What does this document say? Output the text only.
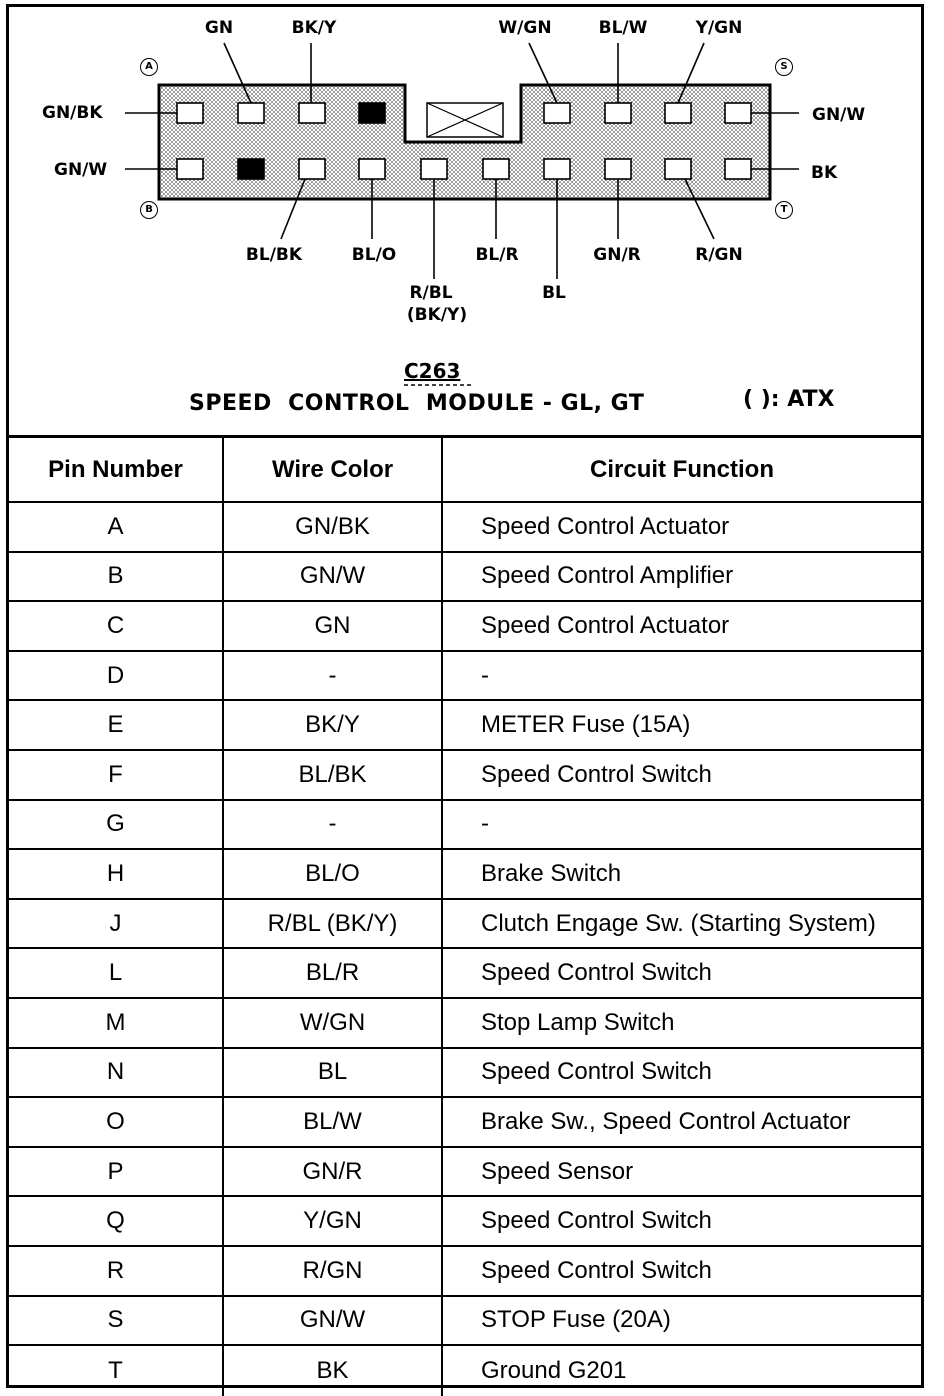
A
B
S
T
GN	BK/Y	W/GN	BL/W	Y/GN
GN/BK
GN/W
GN/W
BK
BL/BK	BL/O	BL/R	GN/R	R/GN
R/BL
(BK/Y)
BL
C263
SPEED  CONTROL  MODULE - GL, GT	( ): ATX
Pin Number	Wire Color	Circuit Function
A	GN/BK	Speed Control Actuator
B	GN/W	Speed Control Amplifier
C	GN	Speed Control Actuator
D	-	-
E	BK/Y	METER Fuse (15A)
F	BL/BK	Speed Control Switch
G	-	-
H	BL/O	Brake Switch
J	R/BL (BK/Y)	Clutch Engage Sw. (Starting System)
L	BL/R	Speed Control Switch
M	W/GN	Stop Lamp Switch
N	BL	Speed Control Switch
O	BL/W	Brake Sw., Speed Control Actuator
P	GN/R	Speed Sensor
Q	Y/GN	Speed Control Switch
R	R/GN	Speed Control Switch
S	GN/W	STOP Fuse (20A)
T	BK	Ground G201
